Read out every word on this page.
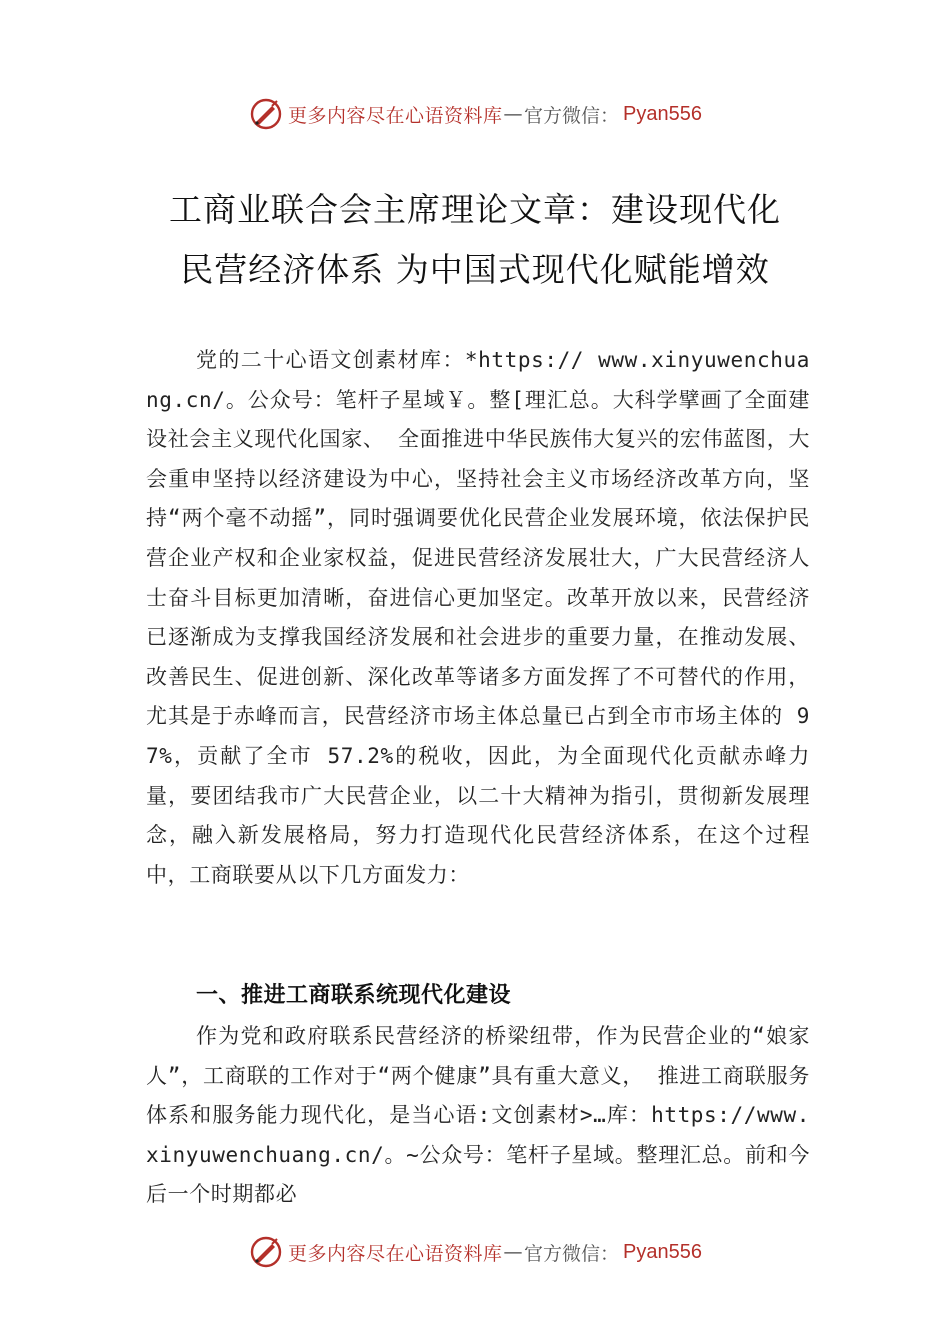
更多内容尽在心语资料库 — 官方微信： Pyan556
工商业联合会主席理论文章：建设现代化
民营经济体系 为中国式现代化赋能增效
党的二十心语文创素材库：*https:// www.xinyuwenchuang.cn/。公众号：笔杆子星域￥。整[理汇总。大科学擘画了全面建设社会主义现代化国家、 全面推进中华民族伟大复兴的宏伟蓝图，大会重申坚持以经济建设为中心，坚持社会主义市场经济改革方向，坚持“两个毫不动摇”，同时强调要优化民营企业发展环境，依法保护民营企业产权和企业家权益，促进民营经济发展壮大，广大民营经济人士奋斗目标更加清晰，奋进信心更加坚定。改革开放以来，民营经济已逐渐成为支撑我国经济发展和社会进步的重要力量，在推动发展、改善民生、促进创新、深化改革等诸多方面发挥了不可替代的作用，尤其是于赤峰而言，民营经济市场主体总量已占到全市市场主体的 97%，贡献了全市 57.2%的税收，因此，为全面现代化贡献赤峰力量，要团结我市广大民营企业，以二十大精神为指引，贯彻新发展理念，融入新发展格局，努力打造现代化民营经济体系，在这个过程中，工商联要从以下几方面发力：
一、推进工商联系统现代化建设
作为党和政府联系民营经济的桥梁纽带，作为民营企业的“娘家人”，工商联的工作对于“两个健康”具有重大意义， 推进工商联服务体系和服务能力现代化，是当心语:文创素材>…库：https://www.xinyuwenchuang.cn/。~公众号：笔杆子星域。整理汇总。前和今后一个时期都必
更多内容尽在心语资料库 — 官方微信： Pyan556
